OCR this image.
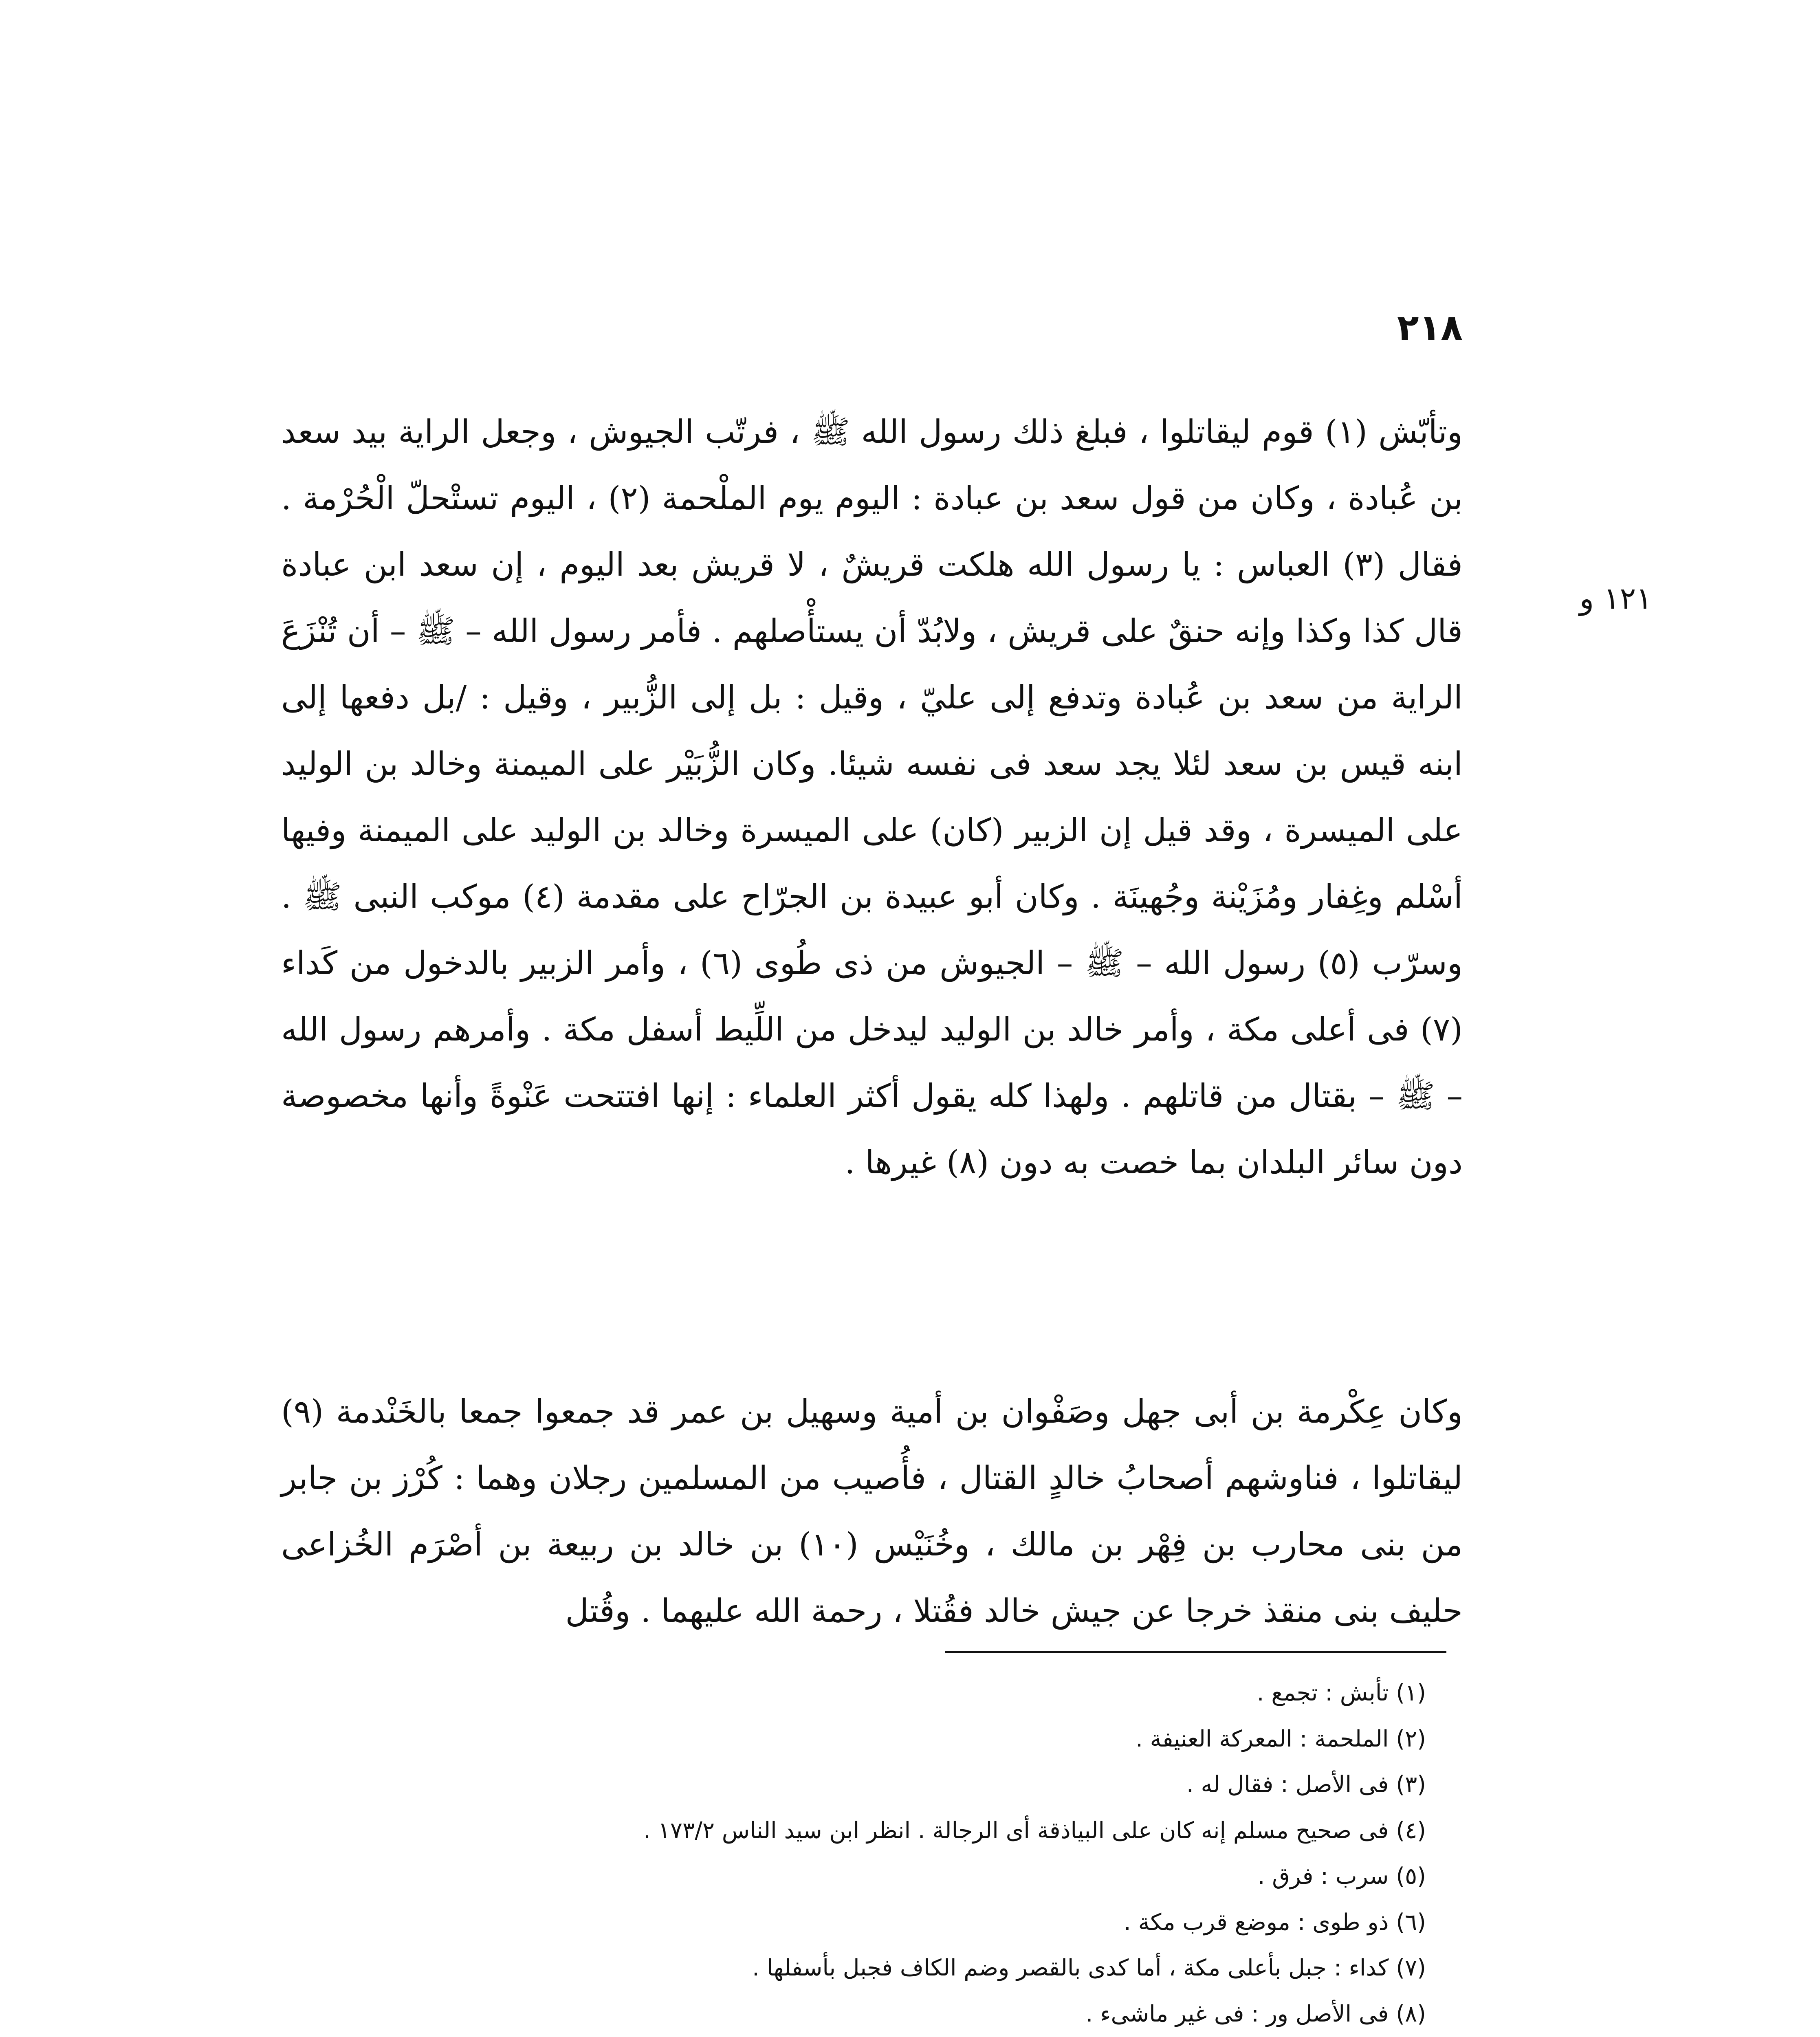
٢١٨
١٢١ و

وتأبّش (١) قوم ليقاتلوا ، فبلغ ذلك رسول الله ﷺ ، فرتّب الجيوش ، وجعل الراية بيد سعد بن عُبادة ، وكان من قول سعد بن عبادة : اليوم يوم الملْحمة (٢) ، اليوم تستْحلّ الْحُرْمة . فقال (٣) العباس : يا رسول الله هلكت قريشٌ ، لا قريش بعد اليوم ، إن سعد ابن عبادة قال كذا وكذا وإنه حنقٌ على قريش ، ولابُدّ أن يستأْصلهم . فأمر رسول الله – ﷺ – أن تُنْزَعَ الراية من سعد بن عُبادة وتدفع إلى عليّ ، وقيل : بل إلى الزُّبير ، وقيل : /بل دفعها إلى ابنه قيس بن سعد لئلا يجد سعد فى نفسه شيئا. وكان الزُّبَيْر على الميمنة وخالد بن الوليد على الميسرة ، وقد قيل إن الزبير (كان) على الميسرة وخالد بن الوليد على الميمنة وفيها أسْلم وغِفار ومُزَيْنة وجُهينَة . وكان أبو عبيدة بن الجرّاح على مقدمة (٤) موكب النبى ﷺ . وسرّب (٥) رسول الله – ﷺ – الجيوش من ذى طُوى (٦) ، وأمر الزبير بالدخول من كَداء (٧) فى أعلى مكة ، وأمر خالد بن الوليد ليدخل من اللِّيط أسفل مكة . وأمرهم رسول الله – ﷺ – بقتال من قاتلهم . ولهذا كله يقول أكثر العلماء : إنها افتتحت عَنْوةً وأنها مخصوصة دون سائر البلدان بما خصت به دون (٨) غيرها .

وكان عِكْرمة بن أبى جهل وصَفْوان بن أمية وسهيل بن عمر قد جمعوا جمعا بالخَنْدمة (٩) ليقاتلوا ، فناوشهم أصحابُ خالدٍ القتال ، فأُصيب من المسلمين رجلان وهما : كُرْز بن جابر من بنى محارب بن فِهْر بن مالك ، وخُنَيْس (١٠) بن خالد بن ربيعة بن أصْرَم الخُزاعى حليف بنى منقذ خرجا عن جيش خالد فقُتلا ، رحمة الله عليهما . وقُتل

(١) تأبش : تجمع .
(٢) الملحمة : المعركة العنيفة .
(٣) فى الأصل : فقال له .
(٤) فى صحيح مسلم إنه كان على البياذقة أى الرجالة . انظر ابن سيد الناس ١٧٣/٢ .
(٥) سرب : فرق .
(٦) ذو طوى : موضع قرب مكة .
(٧) كداء : جبل بأعلى مكة ، أما كدى بالقصر وضم الكاف فجبل بأسفلها .
(٨) فى الأصل ور : فى غير ماشىء .
